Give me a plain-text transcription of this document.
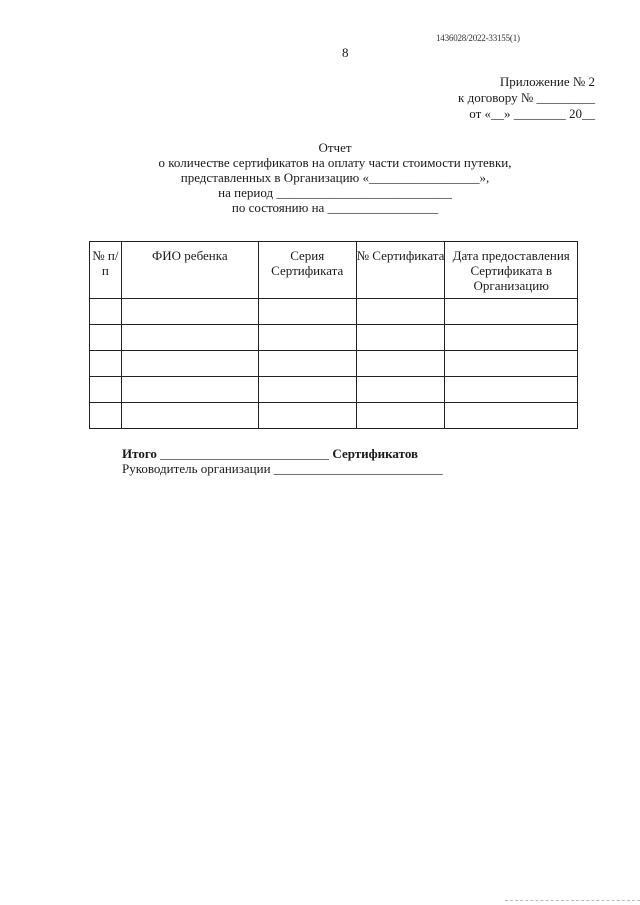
1436028/2022-33155(1)
8
Приложение № 2
к договору № _________
от «__» ________ 20__
Отчет
о количестве сертификатов на оплату части стоимости путевки,
представленных в Организацию «_________________»,
на период ___________________________
по состоянию на _________________
№ п/п	ФИО ребенка	Серия Сертификата	№ Сертификата	Дата предоставления Сертификата в Организацию

Итого __________________________ Сертификатов
Руководитель организации __________________________
